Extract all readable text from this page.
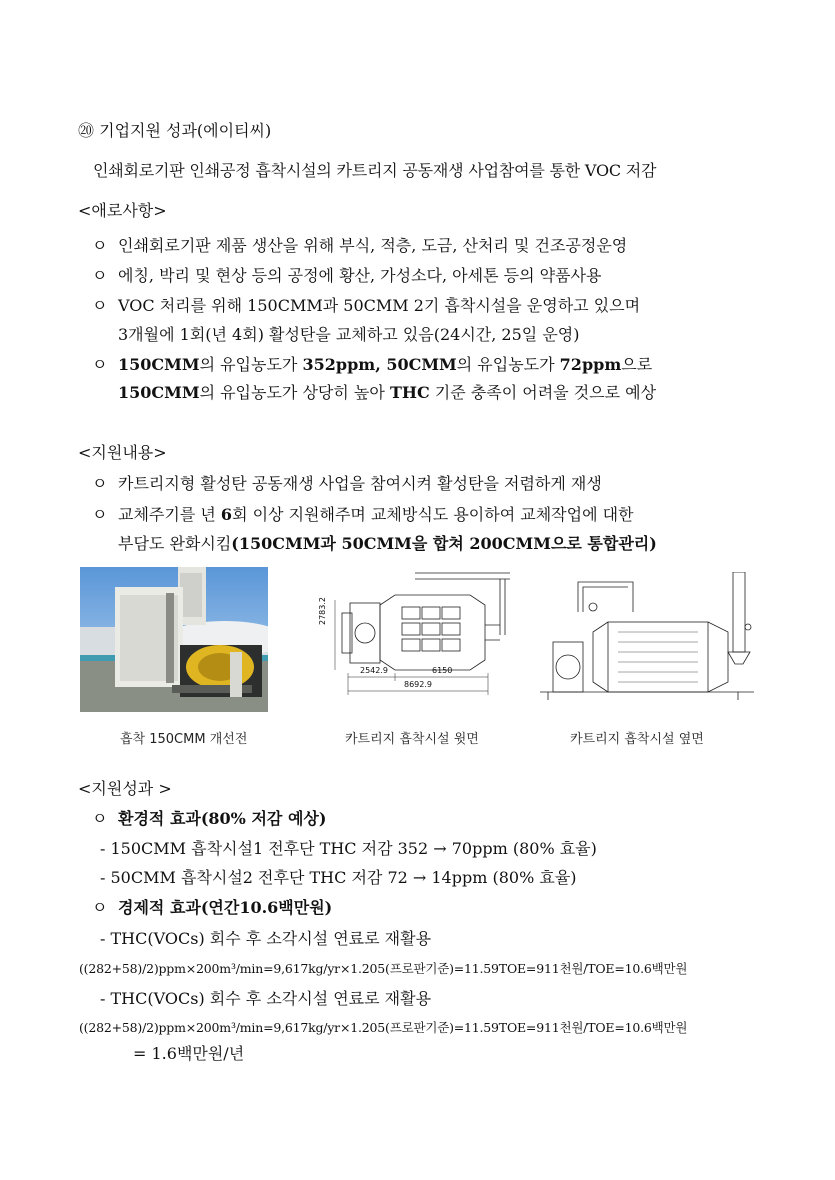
⑳ 기업지원 성과(에이티씨)
인쇄회로기판 인쇄공정 흡착시설의 카트리지 공동재생 사업참여를 통한 VOC 저감
<애로사항>
ㅇ 인쇄회로기판 제품 생산을 위해 부식, 적층, 도금, 산처리 및 건조공정운영
ㅇ 에칭, 박리 및 현상 등의 공정에 황산, 가성소다, 아세톤 등의 약품사용
ㅇ VOC 처리를 위해 150CMM과 50CMM 2기 흡착시설을 운영하고 있으며
3개월에 1회(년 4회) 활성탄을 교체하고 있음(24시간, 25일 운영)
ㅇ 150CMM의 유입농도가 352ppm, 50CMM의 유입농도가 72ppm으로
150CMM의 유입농도가 상당히 높아 THC 기준 충족이 어려울 것으로 예상
<지원내용>
ㅇ 카트리지형 활성탄 공동재생 사업을 참여시켜 활성탄을 저렴하게 재생
ㅇ 교체주기를 년 6회 이상 지원해주며 교체방식도 용이하여 교체작업에 대한
부담도 완화시킴(150CMM과 50CMM을 합쳐 200CMM으로 통합관리)
2542.9	6150
8692.9
2783.2
흡착 150CMM 개선전	카트리지 흡착시설 윗면	카트리지 흡착시설 옆면
<지원성과 >
ㅇ 환경적 효과(80% 저감 예상)
- 150CMM 흡착시설1 전후단 THC 저감 352 → 70ppm (80% 효율)
- 50CMM 흡착시설2 전후단 THC 저감 72 → 14ppm (80% 효율)
ㅇ 경제적 효과(연간10.6백만원)
- THC(VOCs) 회수 후 소각시설 연료로 재활용
((282+58)/2)ppm×200m³/min=9,617kg/yr×1.205(프로판기준)=11.59TOE=911천원/TOE=10.6백만원
- THC(VOCs) 회수 후 소각시설 연료로 재활용
((282+58)/2)ppm×200m³/min=9,617kg/yr×1.205(프로판기준)=11.59TOE=911천원/TOE=10.6백만원
= 1.6백만원/년
